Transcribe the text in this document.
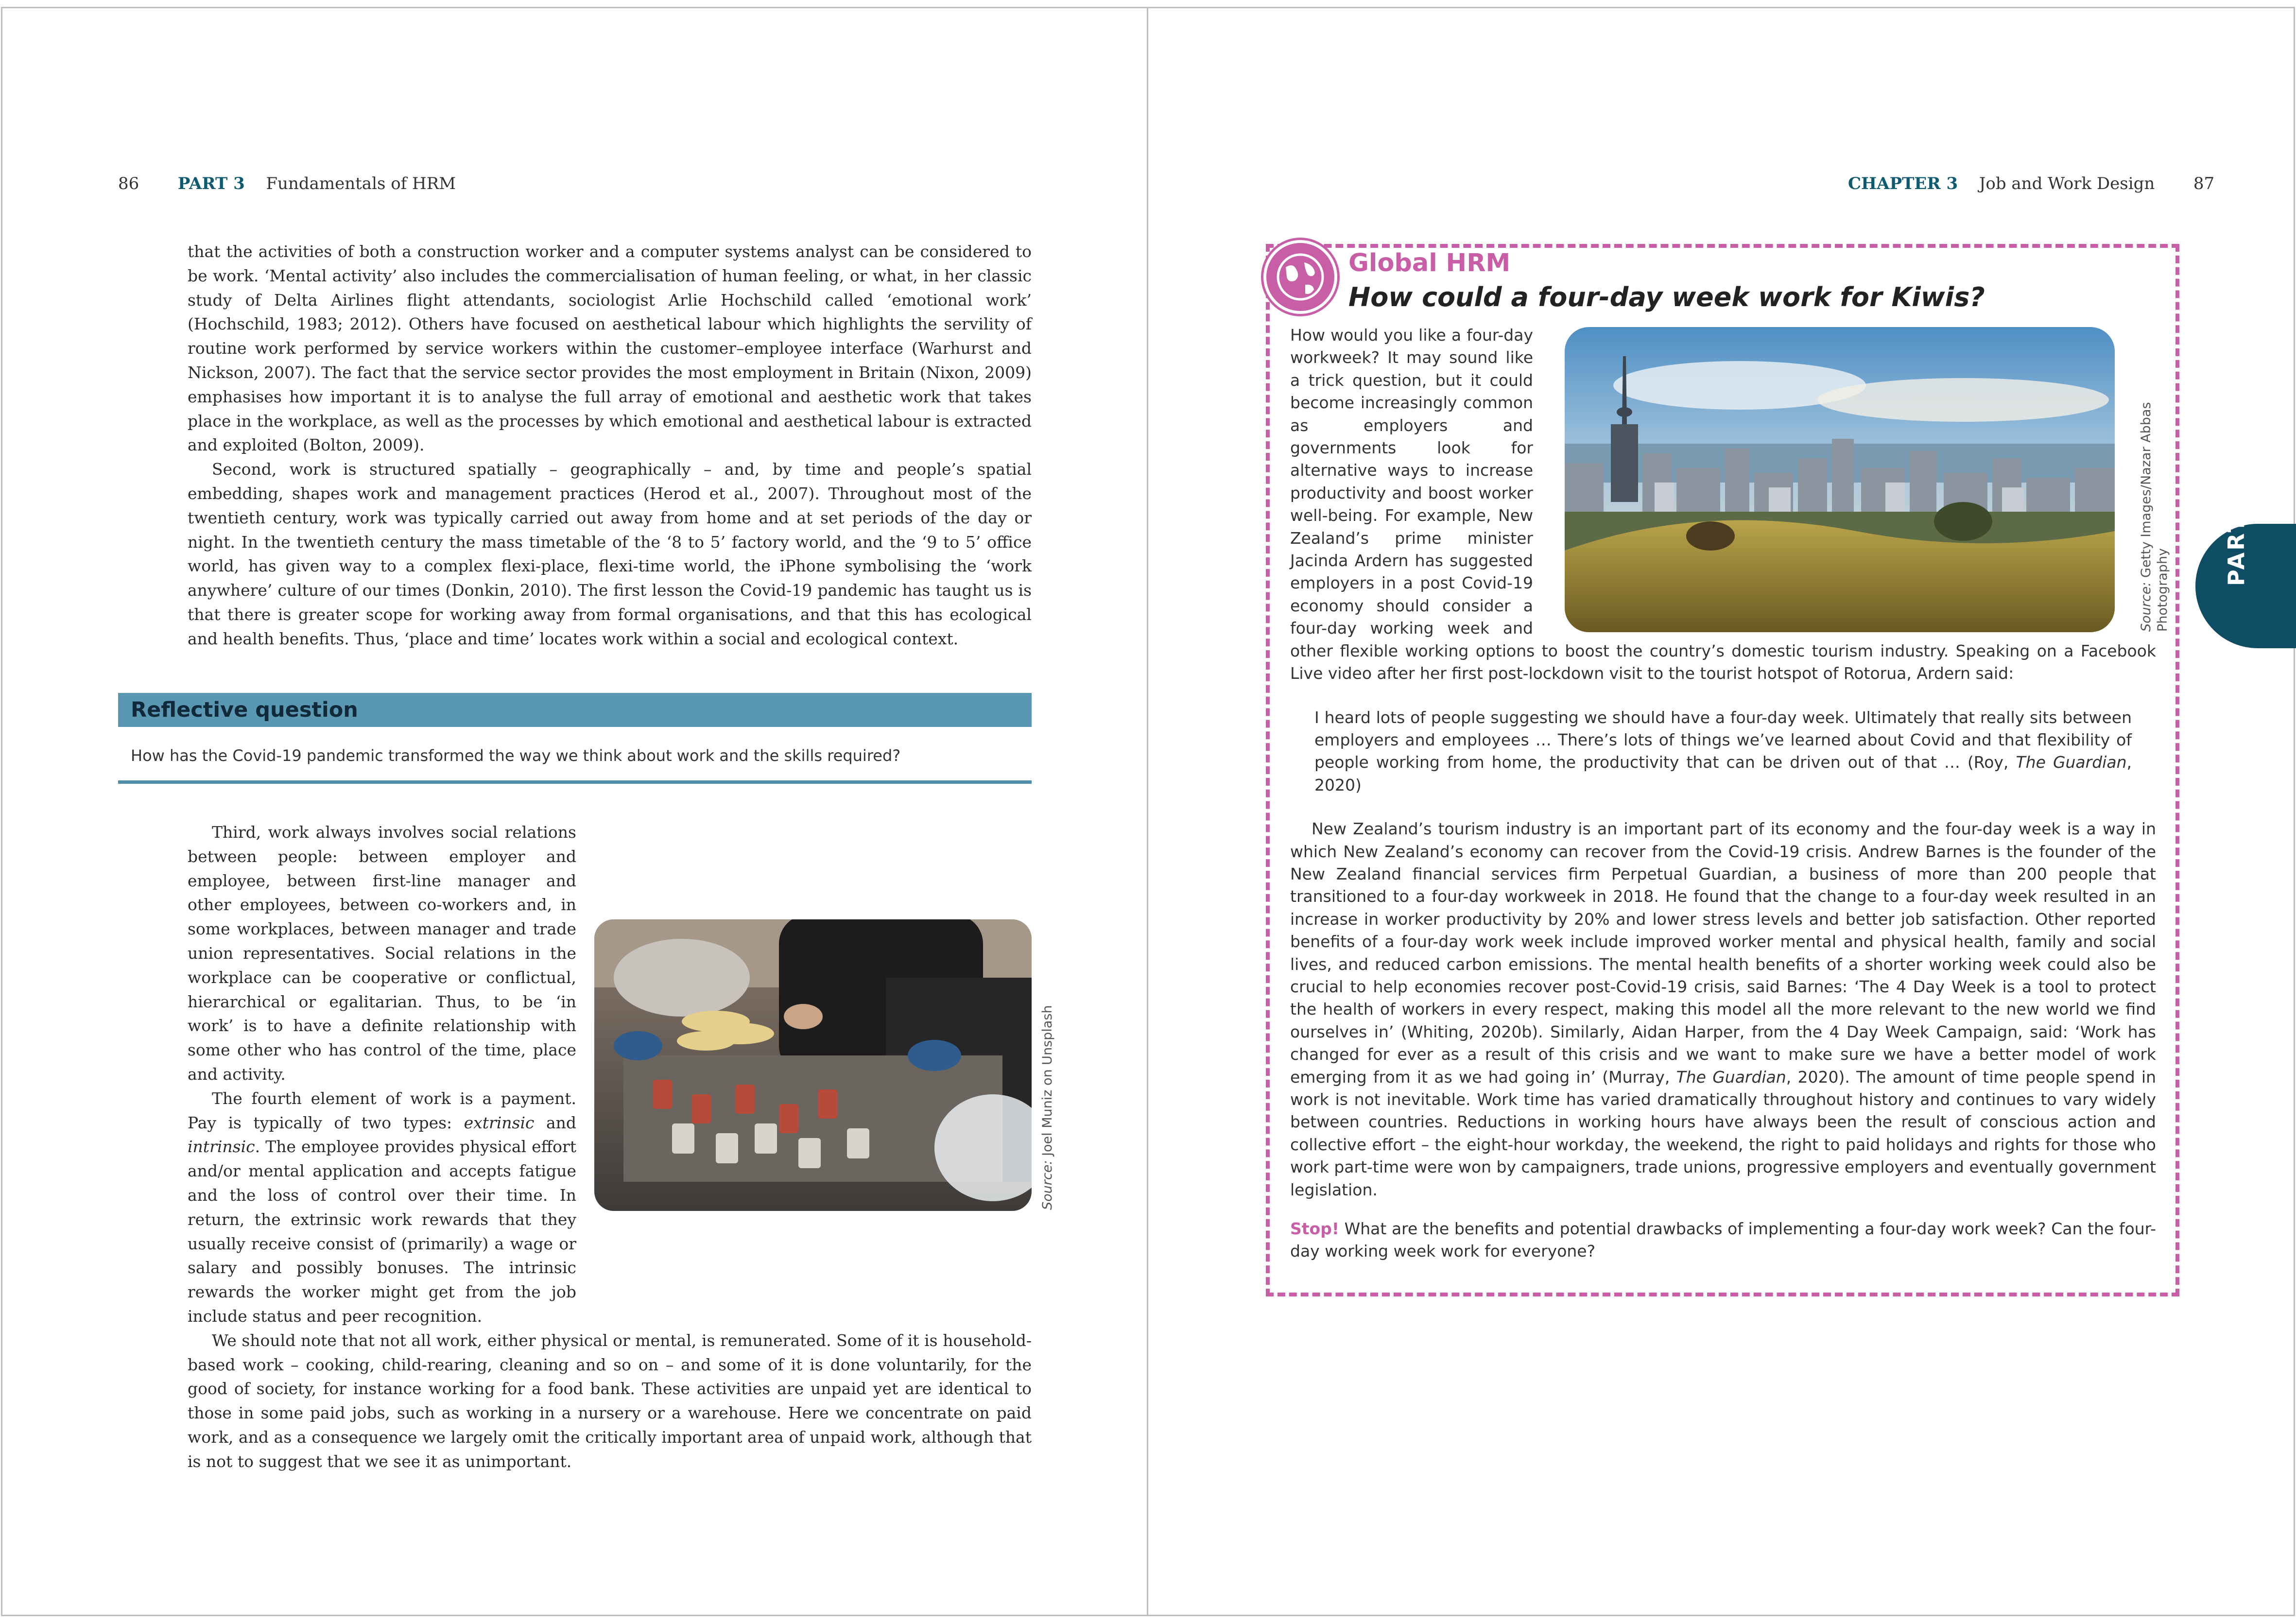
86 PART 3 Fundamentals of HRM

that the activities of both a construction worker and a computer systems analyst can be considered to be work. ‘Mental activity’ also includes the commercialisation of human feeling, or what, in her classic study of Delta Airlines flight attendants, sociologist Arlie Hochschild called ‘emotional work’ (Hochschild, 1983; 2012). Others have focused on aesthetical labour which highlights the servility of routine work performed by service workers within the customer–employee interface (Warhurst and Nickson, 2007). The fact that the service sector provides the most employment in Britain (Nixon, 2009) emphasises how important it is to analyse the full array of emotional and aesthetic work that takes place in the workplace, as well as the processes by which emotional and aesthetical labour is extracted and exploited (Bolton, 2009).

Second, work is structured spatially – geographically – and, by time and people’s spatial embedding, shapes work and management practices (Herod et al., 2007). Throughout most of the twentieth century, work was typically carried out away from home and at set periods of the day or night. In the twentieth century the mass timetable of the ‘8 to 5’ factory world, and the ‘9 to 5’ office world, has given way to a complex flexi-place, flexi-time world, the iPhone symbolising the ‘work anywhere’ culture of our times (Donkin, 2010). The first lesson the Covid-19 pandemic has taught us is that there is greater scope for working away from formal organisations, and that this has ecological and health benefits. Thus, ‘place and time’ locates work within a social and ecological context.

Reflective question
How has the Covid-19 pandemic transformed the way we think about work and the skills required?

Third, work always involves social relations between people: between employer and employee, between first-line manager and other employees, between co-workers and, in some workplaces, between manager and trade union representatives. Social relations in the workplace can be cooperative or conflictual, hierarchical or egalitarian. Thus, to be ‘in work’ is to have a definite relationship with some other who has control of the time, place and activity.

The fourth element of work is a payment. Pay is typically of two types: extrinsic and intrinsic. The employee provides physical effort and/or mental application and accepts fatigue and the loss of control over their time. In return, the extrinsic work rewards that they usually receive consist of (primarily) a wage or salary and possibly bonuses. The intrinsic rewards the worker might get from the job include status and peer recognition.

We should note that not all work, either physical or mental, is remunerated. Some of it is household-based work – cooking, child-rearing, cleaning and so on – and some of it is done voluntarily, for the good of society, for instance working for a food bank. These activities are unpaid yet are identical to those in some paid jobs, such as working in a nursery or a warehouse. Here we concentrate on paid work, and as a consequence we largely omit the critically important area of unpaid work, although that is not to suggest that we see it as unimportant.

Source: Joel Muniz on Unsplash
CHAPTER 3 Job and Work Design 87
Global HRM
How could a four-day week work for Kiwis?

How would you like a four-day workweek? It may sound like a trick question, but it could become increasingly common as employers and governments look for alternative ways to increase productivity and boost worker well-being. For example, New Zealand’s prime minister Jacinda Ardern has suggested employers in a post Covid-19 economy should consider a four-day working week and other flexible working options to boost the country’s domestic tourism industry. Speaking on a Facebook Live video after her first post-lockdown visit to the tourist hotspot of Rotorua, Ardern said:

I heard lots of people suggesting we should have a four-day week. Ultimately that really sits between employers and employees … There’s lots of things we’ve learned about Covid and that flexibility of people working from home, the productivity that can be driven out of that … (Roy, The Guardian, 2020)

New Zealand’s tourism industry is an important part of its economy and the four-day week is a way in which New Zealand’s economy can recover from the Covid-19 crisis. Andrew Barnes is the founder of the New Zealand financial services firm Perpetual Guardian, a business of more than 200 people that transitioned to a four-day workweek in 2018. He found that the change to a four-day week resulted in an increase in worker productivity by 20% and lower stress levels and better job satisfaction. Other reported benefits of a four-day work week include improved worker mental and physical health, family and social lives, and reduced carbon emissions. The mental health benefits of a shorter working week could also be crucial to help economies recover post-Covid-19 crisis, said Barnes: ‘The 4 Day Week is a tool to protect the health of workers in every respect, making this model all the more relevant to the new world we find ourselves in’ (Whiting, 2020b). Similarly, Aidan Harper, from the 4 Day Week Campaign, said: ‘Work has changed for ever as a result of this crisis and we want to make sure we have a better model of work emerging from it as we had going in’ (Murray, The Guardian, 2020). The amount of time people spend in work is not inevitable. Work time has varied dramatically throughout history and continues to vary widely between countries. Reductions in working hours have always been the result of conscious action and collective effort – the eight-hour workday, the weekend, the right to paid holidays and rights for those who work part-time were won by campaigners, trade unions, progressive employers and eventually government legislation.

Stop! What are the benefits and potential drawbacks of implementing a four-day work week? Can the four-day working week work for everyone?

Source: Getty Images/Nazar Abbas
Photography PART 3
